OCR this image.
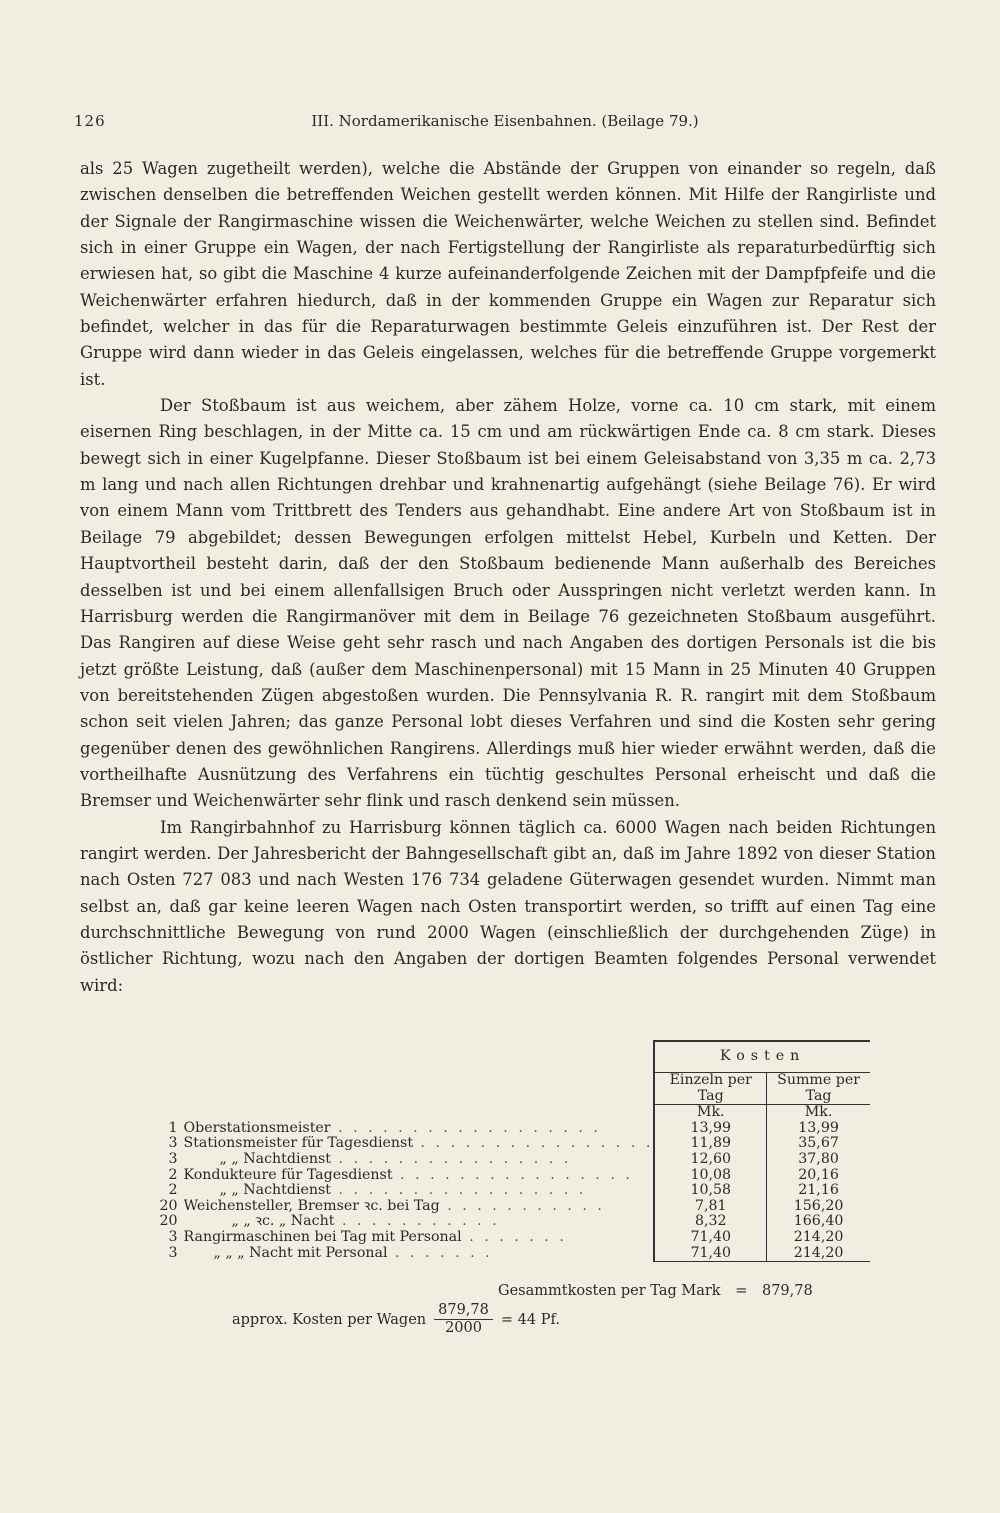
126	III. Nordamerikanische Eisenbahnen. (Beilage 79.)

als 25 Wagen zugetheilt werden), welche die Abstände der Gruppen von einander so regeln, daß zwischen denselben die betreffenden Weichen gestellt werden können. Mit Hilfe der Rangirliste und der Signale der Rangirmaschine wissen die Weichenwärter, welche Weichen zu stellen sind. Befindet sich in einer Gruppe ein Wagen, der nach Fertigstellung der Rangirliste als reparaturbedürftig sich erwiesen hat, so gibt die Maschine 4 kurze aufeinanderfolgende Zeichen mit der Dampfpfeife und die Weichenwärter erfahren hiedurch, daß in der kommenden Gruppe ein Wagen zur Reparatur sich befindet, welcher in das für die Reparaturwagen bestimmte Geleis einzuführen ist. Der Rest der Gruppe wird dann wieder in das Geleis eingelassen, welches für die betreffende Gruppe vorgemerkt ist.

Der Stoßbaum ist aus weichem, aber zähem Holze, vorne ca. 10 cm stark, mit einem eisernen Ring beschlagen, in der Mitte ca. 15 cm und am rückwärtigen Ende ca. 8 cm stark. Dieses bewegt sich in einer Kugelpfanne. Dieser Stoßbaum ist bei einem Geleisabstand von 3,35 m ca. 2,73 m lang und nach allen Richtungen drehbar und krahnenartig aufgehängt (siehe Beilage 76). Er wird von einem Mann vom Trittbrett des Tenders aus gehandhabt. Eine andere Art von Stoßbaum ist in Beilage 79 abgebildet; dessen Bewegungen erfolgen mittelst Hebel, Kurbeln und Ketten. Der Hauptvortheil besteht darin, daß der den Stoßbaum bedienende Mann außerhalb des Bereiches desselben ist und bei einem allenfallsigen Bruch oder Ausspringen nicht verletzt werden kann. In Harrisburg werden die Rangirmanöver mit dem in Beilage 76 gezeichneten Stoßbaum ausgeführt. Das Rangiren auf diese Weise geht sehr rasch und nach Angaben des dortigen Personals ist die bis jetzt größte Leistung, daß (außer dem Maschinenpersonal) mit 15 Mann in 25 Minuten 40 Gruppen von bereitstehenden Zügen abgestoßen wurden. Die Pennsylvania R. R. rangirt mit dem Stoßbaum schon seit vielen Jahren; das ganze Personal lobt dieses Verfahren und sind die Kosten sehr gering gegenüber denen des gewöhnlichen Rangirens. Allerdings muß hier wieder erwähnt werden, daß die vortheilhafte Ausnützung des Verfahrens ein tüchtig geschultes Personal erheischt und daß die Bremser und Weichenwärter sehr flink und rasch denkend sein müssen.

Im Rangirbahnhof zu Harrisburg können täglich ca. 6000 Wagen nach beiden Richtungen rangirt werden. Der Jahresbericht der Bahngesellschaft gibt an, daß im Jahre 1892 von dieser Station nach Osten 727 083 und nach Westen 176 734 geladene Güterwagen gesendet wurden. Nimmt man selbst an, daß gar keine leeren Wagen nach Osten transportirt werden, so trifft auf einen Tag eine durchschnittliche Bewegung von rund 2000 Wagen (einschließlich der durchgehenden Züge) in östlicher Richtung, wozu nach den Angaben der dortigen Beamten folgendes Personal verwendet wird:

		Kosten	
		Einzeln per Tag	Summe per Tag
		Mk.	Mk.
1	Oberstationsmeister . . . . . . . . . . . . . . . . . .	13,99	13,99
3	Stationsmeister für Tagesdienst . . . . . . . . . . . . . . . .	11,89	35,67
3	„ „ Nachtdienst . . . . . . . . . . . . . . . .	12,60	37,80
2	Kondukteure für Tagesdienst . . . . . . . . . . . . . . . .	10,08	20,16
2	„ „ Nachtdienst . . . . . . . . . . . . . . . . .	10,58	21,16
20	Weichensteller, Bremser ꝛc. bei Tag . . . . . . . . . . .	7,81	156,20
20	„ „ ꝛc. „ Nacht . . . . . . . . . . .	8,32	166,40
3	Rangirmaschinen bei Tag mit Personal . . . . . . .	71,40	214,20
3	„ „ „ Nacht mit Personal . . . . . . .	71,40	214,20
Gesammtkosten per Tag Mark = 879,78
approx. Kosten per Wagen $\frac{879,78}{2000} = 44$ Pf.
